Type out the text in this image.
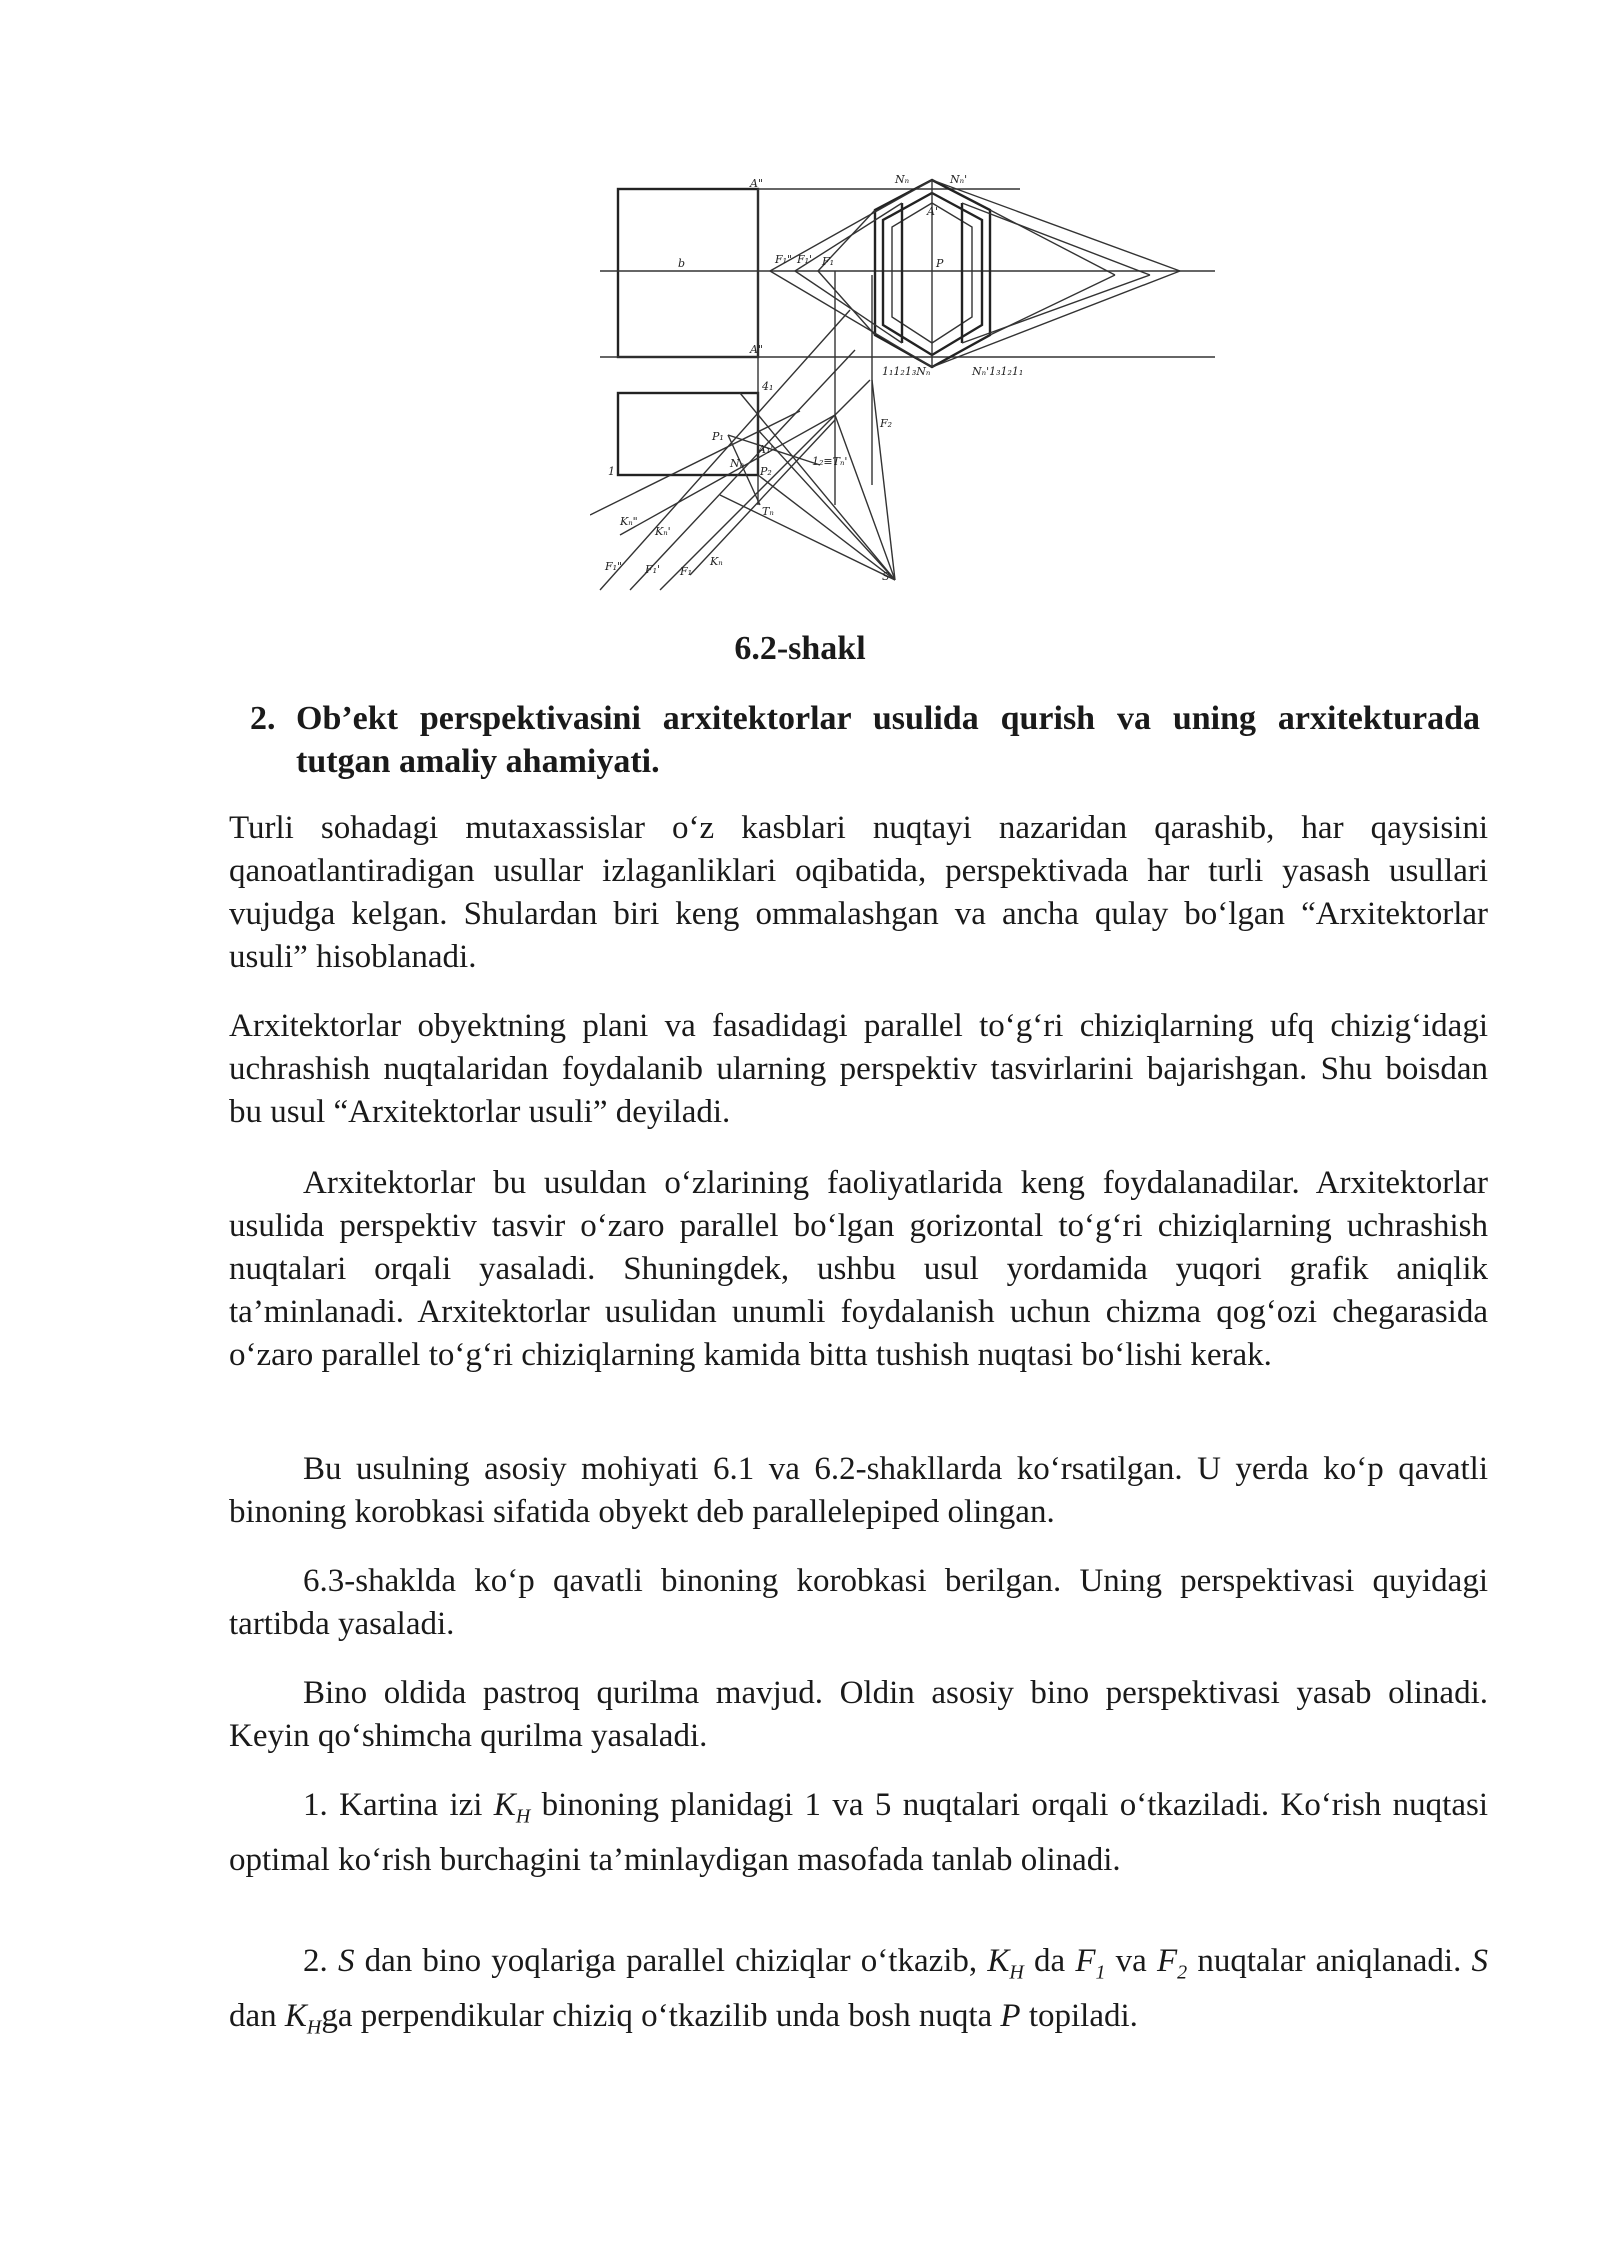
A"	Nₙ	Nₙ'
A'
F₁" F₁' F₁	P
A"
1₁1₂1₃Nₙ	Nₙ'1₃1₂1₁
b
4₁
P₁
Nₙ
A₁'
P₂
1₂≡Tₙ'
1
Kₙ"
Kₙ'
F₁" F₁' F₁
Kₙ
Tₙ
S
F₂
6.2-shakl
2. Ob’ekt perspektivasini arxitektorlar usulida qurish va uning arxitekturada tutgan amaliy ahamiyati.

Turli sohadagi mutaxassislar o‘z kasblari nuqtayi nazaridan qarashib, har qaysisini qanoatlantiradigan usullar izlaganliklari oqibatida, perspektivada har turli yasash usullari vujudga kelgan. Shulardan biri keng ommalashgan va ancha qulay bo‘lgan “Arxitektorlar usuli” hisoblanadi.

Arxitektorlar obyektning plani va fasadidagi parallel to‘g‘ri chiziqlarning ufq chizig‘idagi uchrashish nuqtalaridan foydalanib ularning perspektiv tasvirlarini bajarishgan. Shu boisdan bu usul “Arxitektorlar usuli” deyiladi.

Arxitektorlar bu usuldan o‘zlarining faoliyatlarida keng foydalanadilar. Arxitektorlar usulida perspektiv tasvir o‘zaro parallel bo‘lgan gorizontal to‘g‘ri chiziqlarning uchrashish nuqtalari orqali yasaladi. Shuningdek, ushbu usul yordamida yuqori grafik aniqlik ta’minlanadi. Arxitektorlar usulidan unumli foydalanish uchun chizma qog‘ozi chegarasida o‘zaro parallel to‘g‘ri chiziqlarning kamida bitta tushish nuqtasi bo‘lishi kerak.

Bu usulning asosiy mohiyati 6.1 va 6.2-shakllarda ko‘rsatilgan. U yerda ko‘p qavatli binoning korobkasi sifatida obyekt deb parallelepiped olingan.

6.3-shaklda ko‘p qavatli binoning korobkasi berilgan. Uning perspektivasi quyidagi tartibda yasaladi.

Bino oldida pastroq qurilma mavjud. Oldin asosiy bino perspektivasi yasab olinadi. Keyin qo‘shimcha qurilma yasaladi.

1. Kartina izi $K_H$ binoning planidagi 1 va 5 nuqtalari orqali o‘tkaziladi. Ko‘rish nuqtasi optimal ko‘rish burchagini ta’minlaydigan masofada tanlab olinadi.

2. S dan bino yoqlariga parallel chiziqlar o‘tkazib, $K_H$ da $F_1$ va $F_2$ nuqtalar aniqlanadi. S dan $K_Hga$ perpendikular chiziq o‘tkazilib unda bosh nuqta P topiladi.
